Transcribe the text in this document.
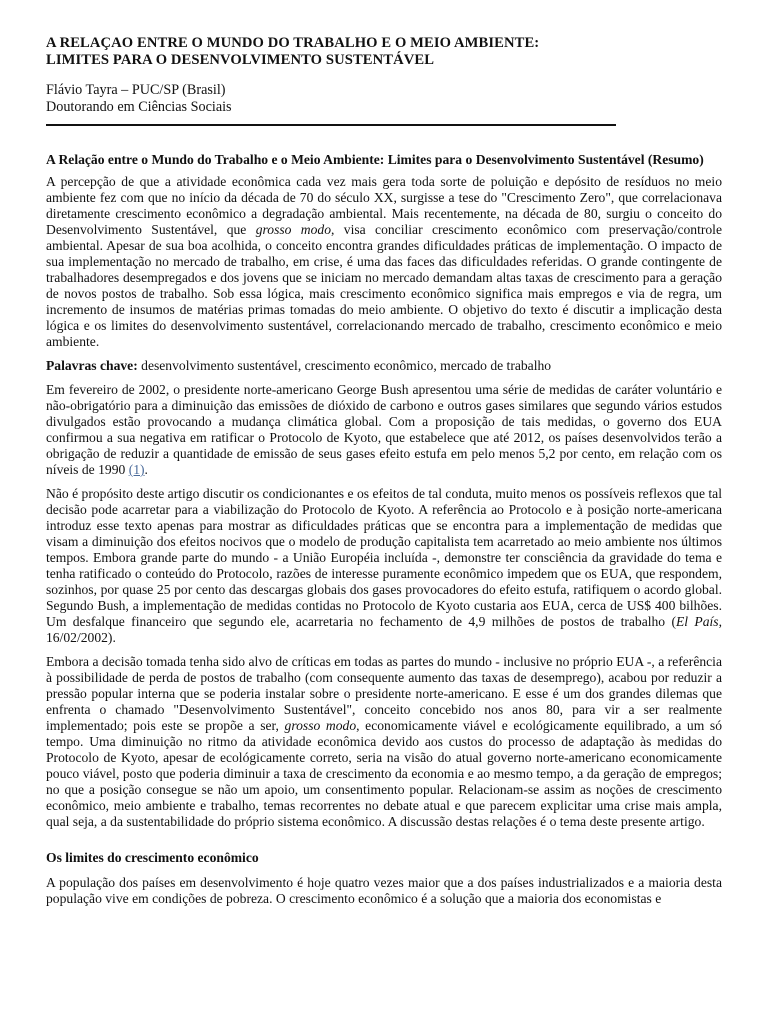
A RELAÇAO ENTRE O MUNDO DO TRABALHO E O MEIO AMBIENTE:
LIMITES PARA O DESENVOLVIMENTO SUSTENTÁVEL
Flávio Tayra – PUC/SP (Brasil)
Doutorando em Ciências Sociais
A Relação entre o Mundo do Trabalho e o Meio Ambiente: Limites para o Desenvolvimento Sustentável (Resumo)

A percepção de que a atividade econômica cada vez mais gera toda sorte de poluição e depósito de resíduos no meio ambiente fez com que no início da década de 70 do século XX, surgisse a tese do "Crescimento Zero", que correlacionava diretamente crescimento econômico a degradação ambiental. Mais recentemente, na década de 80, surgiu o conceito do Desenvolvimento Sustentável, que grosso modo, visa conciliar crescimento econômico com preservação/controle ambiental. Apesar de sua boa acolhida, o conceito encontra grandes dificuldades práticas de implementação. O impacto de sua implementação no mercado de trabalho, em crise, é uma das faces das dificuldades referidas. O grande contingente de trabalhadores desempregados e dos jovens que se iniciam no mercado demandam altas taxas de crescimento para a geração de novos postos de trabalho. Sob essa lógica, mais crescimento econômico significa mais empregos e via de regra, um incremento de insumos de matérias primas tomadas do meio ambiente. O objetivo do texto é discutir a implicação desta lógica e os limites do desenvolvimento sustentável, correlacionando mercado de trabalho, crescimento econômico e meio ambiente.

Palavras chave: desenvolvimento sustentável, crescimento econômico, mercado de trabalho

Em fevereiro de 2002, o presidente norte-americano George Bush apresentou uma série de medidas de caráter voluntário e não-obrigatório para a diminuição das emissões de dióxido de carbono e outros gases similares que segundo vários estudos divulgados estão provocando a mudança climática global. Com a proposição de tais medidas, o governo dos EUA confirmou a sua negativa em ratificar o Protocolo de Kyoto, que estabelece que até 2012, os países desenvolvidos terão a obrigação de reduzir a quantidade de emissão de seus gases efeito estufa em pelo menos 5,2 por cento, em relação com os níveis de 1990 (1).

Não é propósito deste artigo discutir os condicionantes e os efeitos de tal conduta, muito menos os possíveis reflexos que tal decisão pode acarretar para a viabilização do Protocolo de Kyoto. A referência ao Protocolo e à posição norte-americana introduz esse texto apenas para mostrar as dificuldades práticas que se encontra para a implementação de medidas que visam a diminuição dos efeitos nocivos que o modelo de produção capitalista tem acarretado ao meio ambiente nos últimos tempos. Embora grande parte do mundo - a União Européia incluída -, demonstre ter consciência da gravidade do tema e tenha ratificado o conteúdo do Protocolo, razões de interesse puramente econômico impedem que os EUA, que respondem, sozinhos, por quase 25 por cento das descargas globais dos gases provocadores do efeito estufa, ratifiquem o acordo global. Segundo Bush, a implementação de medidas contidas no Protocolo de Kyoto custaria aos EUA, cerca de US$ 400 bilhões. Um desfalque financeiro que segundo ele, acarretaria no fechamento de 4,9 milhões de postos de trabalho (El País, 16/02/2002).

Embora a decisão tomada tenha sido alvo de críticas em todas as partes do mundo - inclusive no próprio EUA -, a referência à possibilidade de perda de postos de trabalho (com consequente aumento das taxas de desemprego), acabou por reduzir a pressão popular interna que se poderia instalar sobre o presidente norte-americano. E esse é um dos grandes dilemas que enfrenta o chamado "Desenvolvimento Sustentável", conceito concebido nos anos 80, para vir a ser realmente implementado; pois este se propõe a ser, grosso modo, economicamente viável e ecológicamente equilibrado, a um só tempo. Uma diminuição no ritmo da atividade econômica devido aos custos do processo de adaptação às medidas do Protocolo de Kyoto, apesar de ecológicamente correto, seria na visão do atual governo norte-americano economicamente pouco viável, posto que poderia diminuir a taxa de crescimento da economia e ao mesmo tempo, a da geração de empregos; no que a posição consegue se não um apoio, um consentimento popular. Relacionam-se assim as noções de crescimento econômico, meio ambiente e trabalho, temas recorrentes no debate atual e que parecem explicitar uma crise mais ampla, qual seja, a da sustentabilidade do próprio sistema econômico. A discussão destas relações é o tema deste presente artigo.

Os limites do crescimento econômico

A população dos países em desenvolvimento é hoje quatro vezes maior que a dos países industrializados e a maioria desta população vive em condições de pobreza. O crescimento econômico é a solução que a maioria dos economistas e
